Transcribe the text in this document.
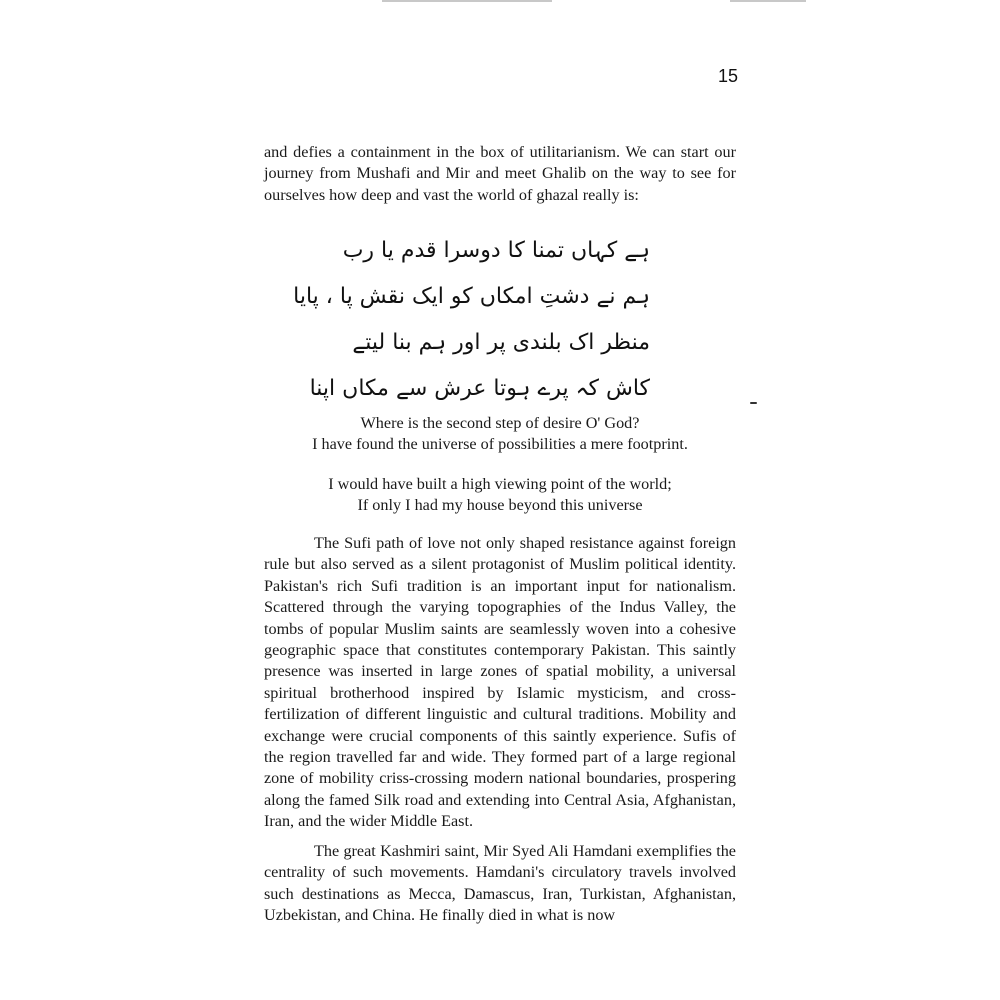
15

and defies a containment in the box of utilitarianism. We can start our journey from Mushafi and Mir and meet Ghalib on the way to see for ourselves how deep and vast the world of ghazal really is:

ہے کہاں تمنا کا دوسرا قدم یا رب
ہم نے دشتِ امکاں کو ایک نقش پا ، پایا
منظر اک بلندی پر اور ہم بنا لیتے
کاش کہ پرے ہوتا عرش سے مکاں اپنا
Where is the second step of desire O' God?
I have found the universe of possibilities a mere footprint.
I would have built a high viewing point of the world;
If only I had my house beyond this universe

The Sufi path of love not only shaped resistance against foreign rule but also served as a silent protagonist of Muslim political identity. Pakistan's rich Sufi tradition is an important input for nationalism. Scattered through the varying topographies of the Indus Valley, the tombs of popular Muslim saints are seamlessly woven into a cohesive geographic space that constitutes contemporary Pakistan. This saintly presence was inserted in large zones of spatial mobility, a universal spiritual brotherhood inspired by Islamic mysticism, and cross-fertilization of different linguistic and cultural traditions. Mobility and exchange were crucial components of this saintly experience. Sufis of the region travelled far and wide. They formed part of a large regional zone of mobility criss-crossing modern national boundaries, prospering along the famed Silk road and extending into Central Asia, Afghanistan, Iran, and the wider Middle East.

The great Kashmiri saint, Mir Syed Ali Hamdani exemplifies the centrality of such movements. Hamdani's circulatory travels involved such destinations as Mecca, Damascus, Iran, Turkistan, Afghanistan, Uzbekistan, and China. He finally died in what is now
